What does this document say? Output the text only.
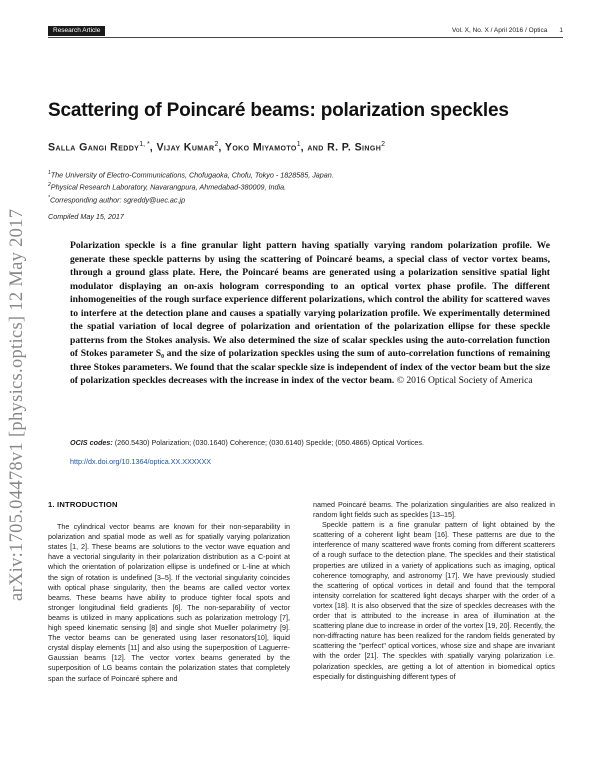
Research Article	Vol. X, No. X / April 2016 / Optica 1
arXiv:1705.04478v1 [physics.optics] 12 May 2017
Scattering of Poincaré beams: polarization speckles
Salla Gangi Reddy$^{1, *}$, Vijay Kumar$^2$, Yoko Miyamoto$^1$, and R. P. Singh$^2$
$^1$The University of Electro-Communications, Chofugaoka, Chofu, Tokyo - 1828585, Japan.
$^2$Physical Research Laboratory, Navarangpura, Ahmedabad-380009, India.
*Corresponding author: sgreddy@uec.ac.jp
Compiled May 15, 2017
Polarization speckle is a fine granular light pattern having spatially varying random polarization profile. We generate these speckle patterns by using the scattering of Poincaré beams, a special class of vector vortex beams, through a ground glass plate. Here, the Poincaré beams are generated using a polarization sensitive spatial light modulator displaying an on-axis hologram corresponding to an optical vortex phase profile. The different inhomogeneities of the rough surface experience different polarizations, which control the ability for scattered waves to interfere at the detection plane and causes a spatially varying polarization profile. We experimentally determined the spatial variation of local degree of polarization and orientation of the polarization ellipse for these speckle patterns from the Stokes analysis. We also determined the size of scalar speckles using the auto-correlation function of Stokes parameter S₀ and the size of polarization speckles using the sum of auto-correlation functions of remaining three Stokes parameters. We found that the scalar speckle size is independent of index of the vector beam but the size of polarization speckles decreases with the increase in index of the vector beam. © 2016 Optical Society of America
OCIS codes: (260.5430) Polarization; (030.1640) Coherence; (030.6140) Speckle; (050.4865) Optical Vortices.
http://dx.doi.org/10.1364/optica.XX.XXXXXX
1. INTRODUCTION

The cylindrical vector beams are known for their non-separability in polarization and spatial mode as well as for spatially varying polarization states [1, 2]. These beams are solutions to the vector wave equation and have a vectorial singularity in their polarization distribution as a C-point at which the orientation of polarization ellipse is undefined or L-line at which the sign of rotation is undefined [3–5]. If the vectorial singularity coincides with optical phase singularity, then the beams are called vector vortex beams. These beams have ability to produce tighter focal spots and stronger longitudinal field gradients [6]. The non-separability of vector beams is utilized in many applications such as polarization metrology [7], high speed kinematic sensing [8] and single shot Mueller polarimetry [9]. The vector beams can be generated using laser resonators[10], liquid crystal display elements [11] and also using the superposition of Laguerre-Gaussian beams [12]. The vector vortex beams generated by the superposition of LG beams contain the polarization states that completely span the surface of Poincaré sphere and

named Poincaré beams. The polarization singularities are also realized in random light fields such as speckles [13–15].

Speckle pattern is a fine granular pattern of light obtained by the scattering of a coherent light beam [16]. These patterns are due to the interference of many scattered wave fronts coming from different scatterers of a rough surface to the detection plane. The speckles and their statistical properties are utilized in a variety of applications such as imaging, optical coherence tomography, and astronomy [17]. We have previously studied the scattering of optical vortices in detail and found that the temporal intensity correlation for scattered light decays sharper with the order of a vortex [18]. It is also observed that the size of speckles decreases with the order that is attributed to the increase in area of illumination at the scattering plane due to increase in order of the vortex [19, 20]. Recently, the non-diffracting nature has been realized for the random fields generated by scattering the "perfect" optical vortices, whose size and shape are invariant with the order [21]. The speckles with spatially varying polarization i.e. polarization speckles, are getting a lot of attention in biomedical optics especially for distinguishing different types of
